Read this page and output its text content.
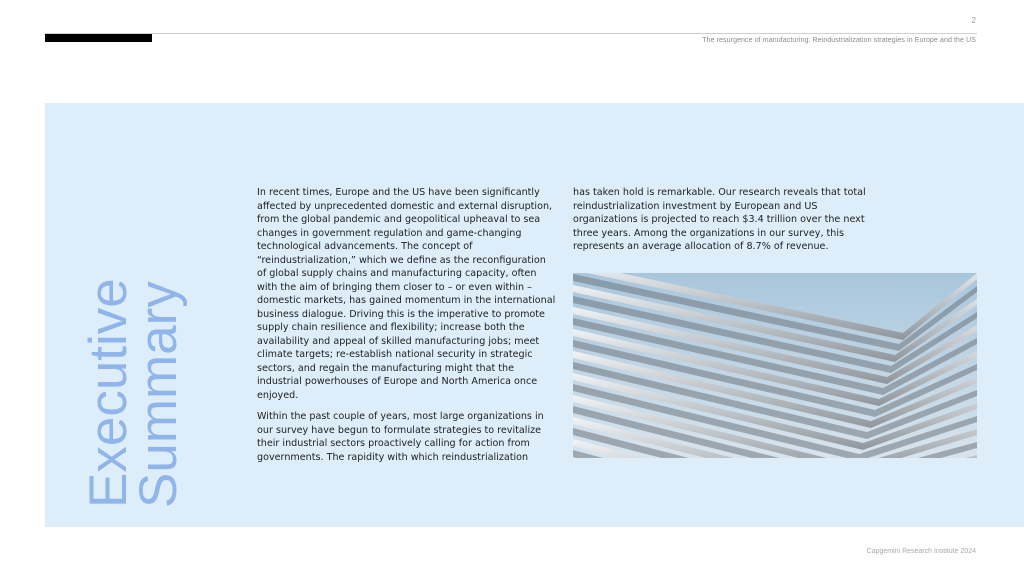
2
The resurgence of manufacturing: Reindustrialization strategies in Europe and the US
Executive
Summary

In recent times, Europe and the US have been significantly affected by unprecedented domestic and external disruption, from the global pandemic and geopolitical upheaval to sea changes in government regulation and game-changing technological advancements. The concept of “reindustrialization,” which we define as the reconfiguration of global supply chains and manufacturing capacity, often with the aim of bringing them closer to – or even within – domestic markets, has gained momentum in the international business dialogue. Driving this is the imperative to promote supply chain resilience and flexibility; increase both the availability and appeal of skilled manufacturing jobs; meet climate targets; re-establish national security in strategic sectors, and regain the manufacturing might that the industrial powerhouses of Europe and North America once enjoyed.

Within the past couple of years, most large organizations in our survey have begun to formulate strategies to revitalize their industrial sectors proactively calling for action from governments. The rapidity with which reindustrialization

has taken hold is remarkable. Our research reveals that total reindustrialization investment by European and US organizations is projected to reach $3.4 trillion over the next three years. Among the organizations in our survey, this represents an average allocation of 8.7% of revenue.

Capgemini Research Institute 2024
